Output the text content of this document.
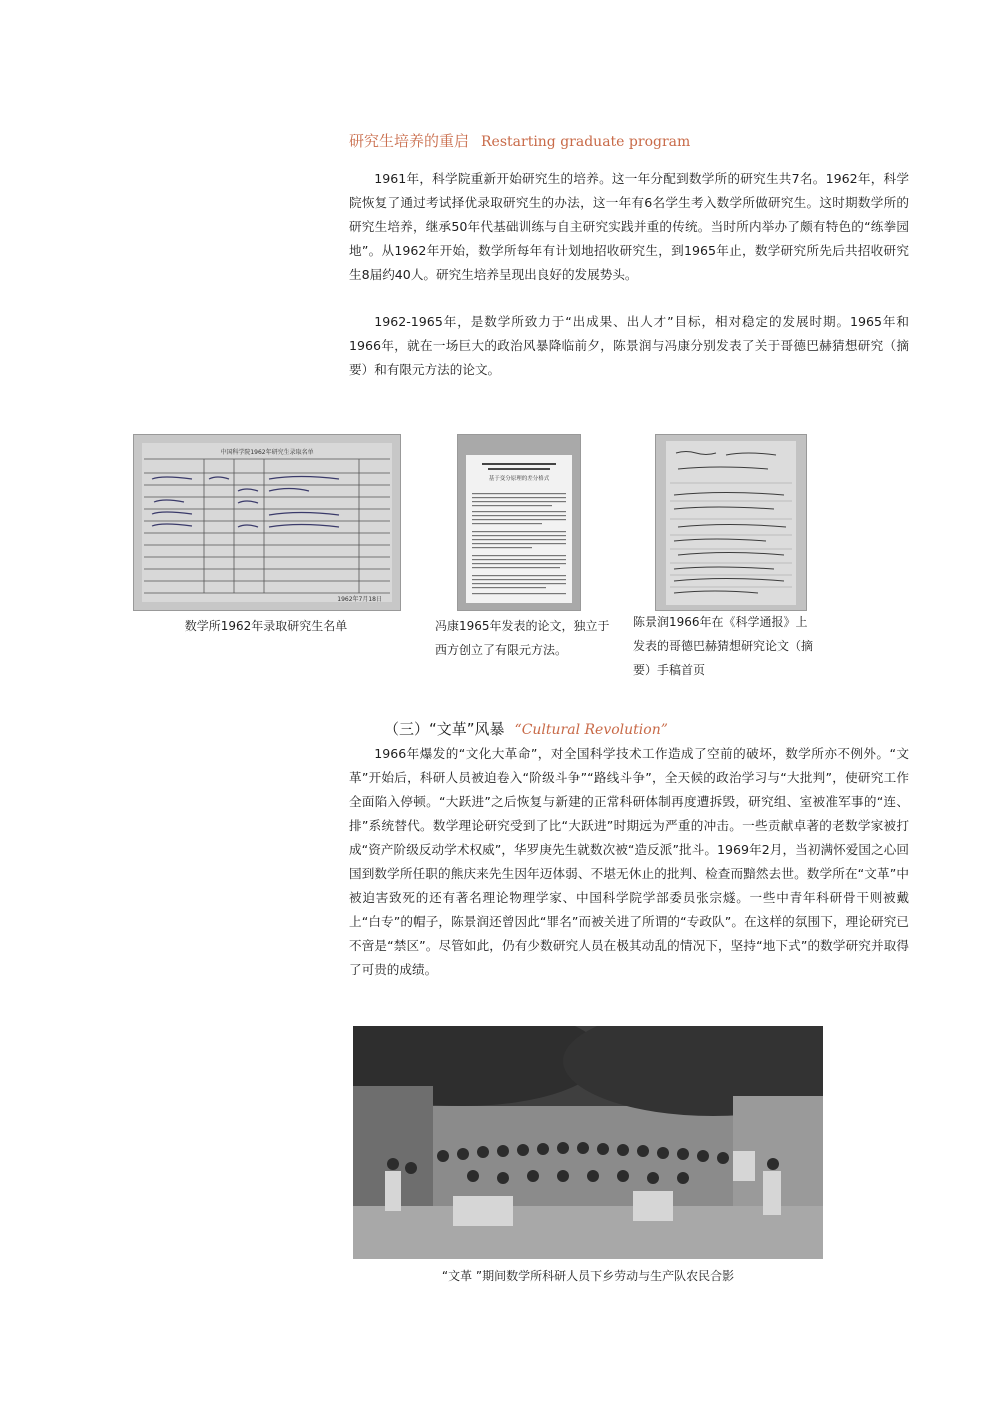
研究生培养的重启 Restarting graduate program
1961年，科学院重新开始研究生的培养。这一年分配到数学所的研究生共7名。1962年，科学院恢复了通过考试择优录取研究生的办法，这一年有6名学生考入数学所做研究生。这时期数学所的研究生培养，继承50年代基础训练与自主研究实践并重的传统。当时所内举办了颇有特色的“练拳园地”。从1962年开始，数学所每年有计划地招收研究生，到1965年止，数学研究所先后共招收研究生8届约40人。研究生培养呈现出良好的发展势头。
1962-1965年，是数学所致力于“出成果、出人才”目标，相对稳定的发展时期。1965年和1966年，就在一场巨大的政治风暴降临前夕，陈景润与冯康分别发表了关于哥德巴赫猜想研究（摘要）和有限元方法的论文。
中国科学院1962年研究生录取名单
1962年7月18日
数学所1962年录取研究生名单
基于变分原理的差分格式
冯康1965年发表的论文，独立于西方创立了有限元方法。
陈景润1966年在《科学通报》上发表的哥德巴赫猜想研究论文（摘要）手稿首页
（三）“文革”风暴 “Cultural Revolution”
1966年爆发的“文化大革命”，对全国科学技术工作造成了空前的破坏，数学所亦不例外。“文革”开始后，科研人员被迫卷入“阶级斗争”“路线斗争”，全天候的政治学习与“大批判”，使研究工作全面陷入停顿。“大跃进”之后恢复与新建的正常科研体制再度遭拆毁，研究组、室被准军事的“连、排”系统替代。数学理论研究受到了比“大跃进”时期远为严重的冲击。一些贡献卓著的老数学家被打成“资产阶级反动学术权威”，华罗庚先生就数次被“造反派”批斗。1969年2月，当初满怀爱国之心回国到数学所任职的熊庆来先生因年迈体弱、不堪无休止的批判、检查而黯然去世。数学所在“文革”中被迫害致死的还有著名理论物理学家、中国科学院学部委员张宗燧。一些中青年科研骨干则被戴上“白专”的帽子，陈景润还曾因此“罪名”而被关进了所谓的“专政队”。在这样的氛围下，理论研究已不啻是“禁区”。尽管如此，仍有少数研究人员在极其动乱的情况下，坚持“地下式”的数学研究并取得了可贵的成绩。
“文革 ”期间数学所科研人员下乡劳动与生产队农民合影
